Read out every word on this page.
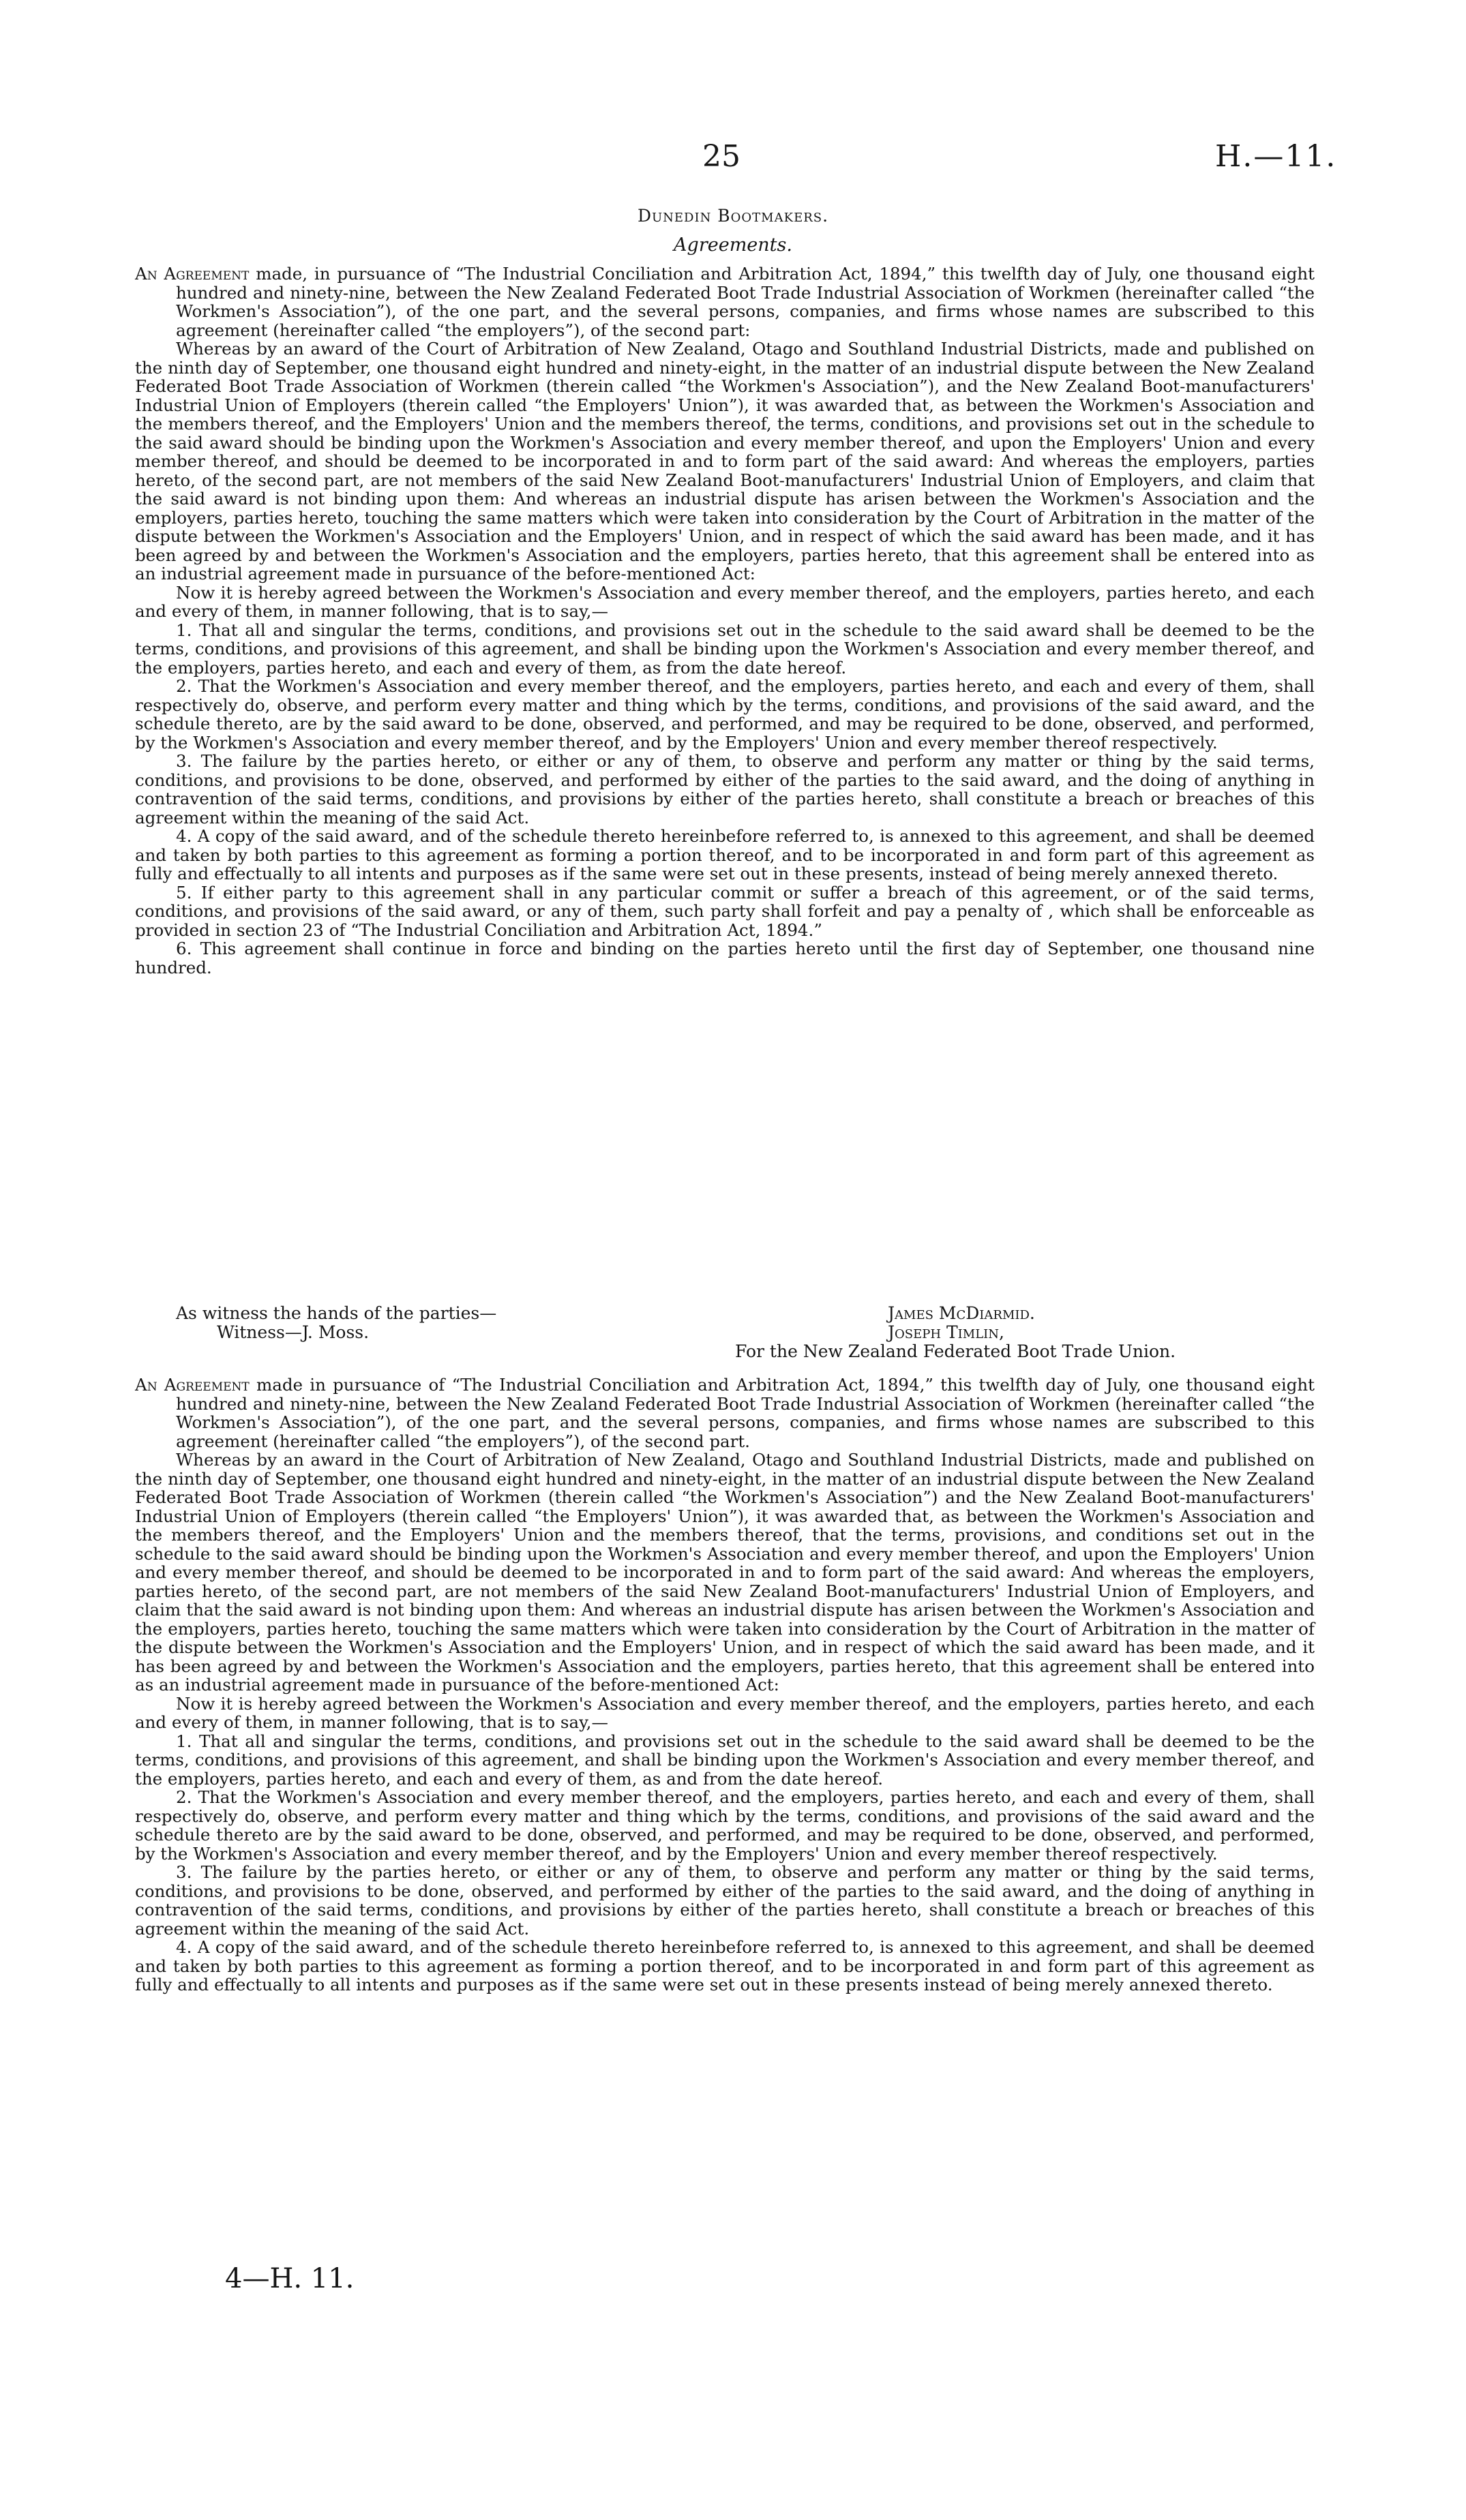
25	H.—11.
Dunedin Bootmakers.
Agreements.

An Agreement made, in pursuance of “The Industrial Conciliation and Arbitration Act, 1894,” this twelfth day of July, one thousand eight hundred and ninety-nine, between the New Zealand Federated Boot Trade Industrial Association of Workmen (hereinafter called “the Workmen's Association”), of the one part, and the several persons, companies, and firms whose names are subscribed to this agreement (hereinafter called “the employers”), of the second part:

Whereas by an award of the Court of Arbitration of New Zealand, Otago and Southland Industrial Districts, made and published on the ninth day of September, one thousand eight hundred and ninety-eight, in the matter of an industrial dispute between the New Zealand Federated Boot Trade Association of Workmen (therein called “the Workmen's Association”), and the New Zealand Boot-manufacturers' Industrial Union of Employers (therein called “the Employers' Union”), it was awarded that, as between the Workmen's Association and the members thereof, and the Employers' Union and the members thereof, the terms, conditions, and provisions set out in the schedule to the said award should be binding upon the Workmen's Association and every member thereof, and upon the Employers' Union and every member thereof, and should be deemed to be incorporated in and to form part of the said award: And whereas the employers, parties hereto, of the second part, are not members of the said New Zealand Boot-manufacturers' Industrial Union of Employers, and claim that the said award is not binding upon them: And whereas an industrial dispute has arisen between the Workmen's Association and the employers, parties hereto, touching the same matters which were taken into consideration by the Court of Arbitration in the matter of the dispute between the Workmen's Association and the Employers' Union, and in respect of which the said award has been made, and it has been agreed by and between the Workmen's Association and the employers, parties hereto, that this agreement shall be entered into as an industrial agreement made in pursuance of the before-mentioned Act:

Now it is hereby agreed between the Workmen's Association and every member thereof, and the employers, parties hereto, and each and every of them, in manner following, that is to say,—

1. That all and singular the terms, conditions, and provisions set out in the schedule to the said award shall be deemed to be the terms, conditions, and provisions of this agreement, and shall be binding upon the Workmen's Association and every member thereof, and the employers, parties hereto, and each and every of them, as from the date hereof.

2. That the Workmen's Association and every member thereof, and the employers, parties hereto, and each and every of them, shall respectively do, observe, and perform every matter and thing which by the terms, conditions, and provisions of the said award, and the schedule thereto, are by the said award to be done, observed, and performed, and may be required to be done, observed, and performed, by the Workmen's Association and every member thereof, and by the Employers' Union and every member thereof respectively.

3. The failure by the parties hereto, or either or any of them, to observe and perform any matter or thing by the said terms, conditions, and provisions to be done, observed, and performed by either of the parties to the said award, and the doing of anything in contravention of the said terms, conditions, and provisions by either of the parties hereto, shall constitute a breach or breaches of this agreement within the meaning of the said Act.

4. A copy of the said award, and of the schedule thereto hereinbefore referred to, is annexed to this agreement, and shall be deemed and taken by both parties to this agreement as forming a portion thereof, and to be incorporated in and form part of this agreement as fully and effectually to all intents and purposes as if the same were set out in these presents, instead of being merely annexed thereto.

5. If either party to this agreement shall in any particular commit or suffer a breach of this agreement, or of the said terms, conditions, and provisions of the said award, or any of them, such party shall forfeit and pay a penalty of , which shall be enforceable as provided in section 23 of “The Industrial Conciliation and Arbitration Act, 1894.”

6. This agreement shall continue in force and binding on the parties hereto until the first day of September, one thousand nine hundred.

As witness the hands of the parties—
Witness—J. Moss.
James McDiarmid.
Joseph Timlin,
For the New Zealand Federated Boot Trade Union.

An Agreement made in pursuance of “The Industrial Conciliation and Arbitration Act, 1894,” this twelfth day of July, one thousand eight hundred and ninety-nine, between the New Zealand Federated Boot Trade Industrial Association of Workmen (hereinafter called “the Workmen's Association”), of the one part, and the several persons, companies, and firms whose names are subscribed to this agreement (hereinafter called “the employers”), of the second part.

Whereas by an award in the Court of Arbitration of New Zealand, Otago and Southland Industrial Districts, made and published on the ninth day of September, one thousand eight hundred and ninety-eight, in the matter of an industrial dispute between the New Zealand Federated Boot Trade Association of Workmen (therein called “the Workmen's Association”) and the New Zealand Boot-manufacturers' Industrial Union of Employers (therein called “the Employers' Union”), it was awarded that, as between the Workmen's Association and the members thereof, and the Employers' Union and the members thereof, that the terms, provisions, and conditions set out in the schedule to the said award should be binding upon the Workmen's Association and every member thereof, and upon the Employers' Union and every member thereof, and should be deemed to be incorporated in and to form part of the said award: And whereas the employers, parties hereto, of the second part, are not members of the said New Zealand Boot-manufacturers' Industrial Union of Employers, and claim that the said award is not binding upon them: And whereas an industrial dispute has arisen between the Workmen's Association and the employers, parties hereto, touching the same matters which were taken into consideration by the Court of Arbitration in the matter of the dispute between the Workmen's Association and the Employers' Union, and in respect of which the said award has been made, and it has been agreed by and between the Workmen's Association and the employers, parties hereto, that this agreement shall be entered into as an industrial agreement made in pursuance of the before-mentioned Act:

Now it is hereby agreed between the Workmen's Association and every member thereof, and the employers, parties hereto, and each and every of them, in manner following, that is to say,—

1. That all and singular the terms, conditions, and provisions set out in the schedule to the said award shall be deemed to be the terms, conditions, and provisions of this agreement, and shall be binding upon the Workmen's Association and every member thereof, and the employers, parties hereto, and each and every of them, as and from the date hereof.

2. That the Workmen's Association and every member thereof, and the employers, parties hereto, and each and every of them, shall respectively do, observe, and perform every matter and thing which by the terms, conditions, and provisions of the said award and the schedule thereto are by the said award to be done, observed, and performed, and may be required to be done, observed, and performed, by the Workmen's Association and every member thereof, and by the Employers' Union and every member thereof respectively.

3. The failure by the parties hereto, or either or any of them, to observe and perform any matter or thing by the said terms, conditions, and provisions to be done, observed, and performed by either of the parties to the said award, and the doing of anything in contravention of the said terms, conditions, and provisions by either of the parties hereto, shall constitute a breach or breaches of this agreement within the meaning of the said Act.

4. A copy of the said award, and of the schedule thereto hereinbefore referred to, is annexed to this agreement, and shall be deemed and taken by both parties to this agreement as forming a portion thereof, and to be incorporated in and form part of this agreement as fully and effectually to all intents and purposes as if the same were set out in these presents instead of being merely annexed thereto.

4—H. 11.
